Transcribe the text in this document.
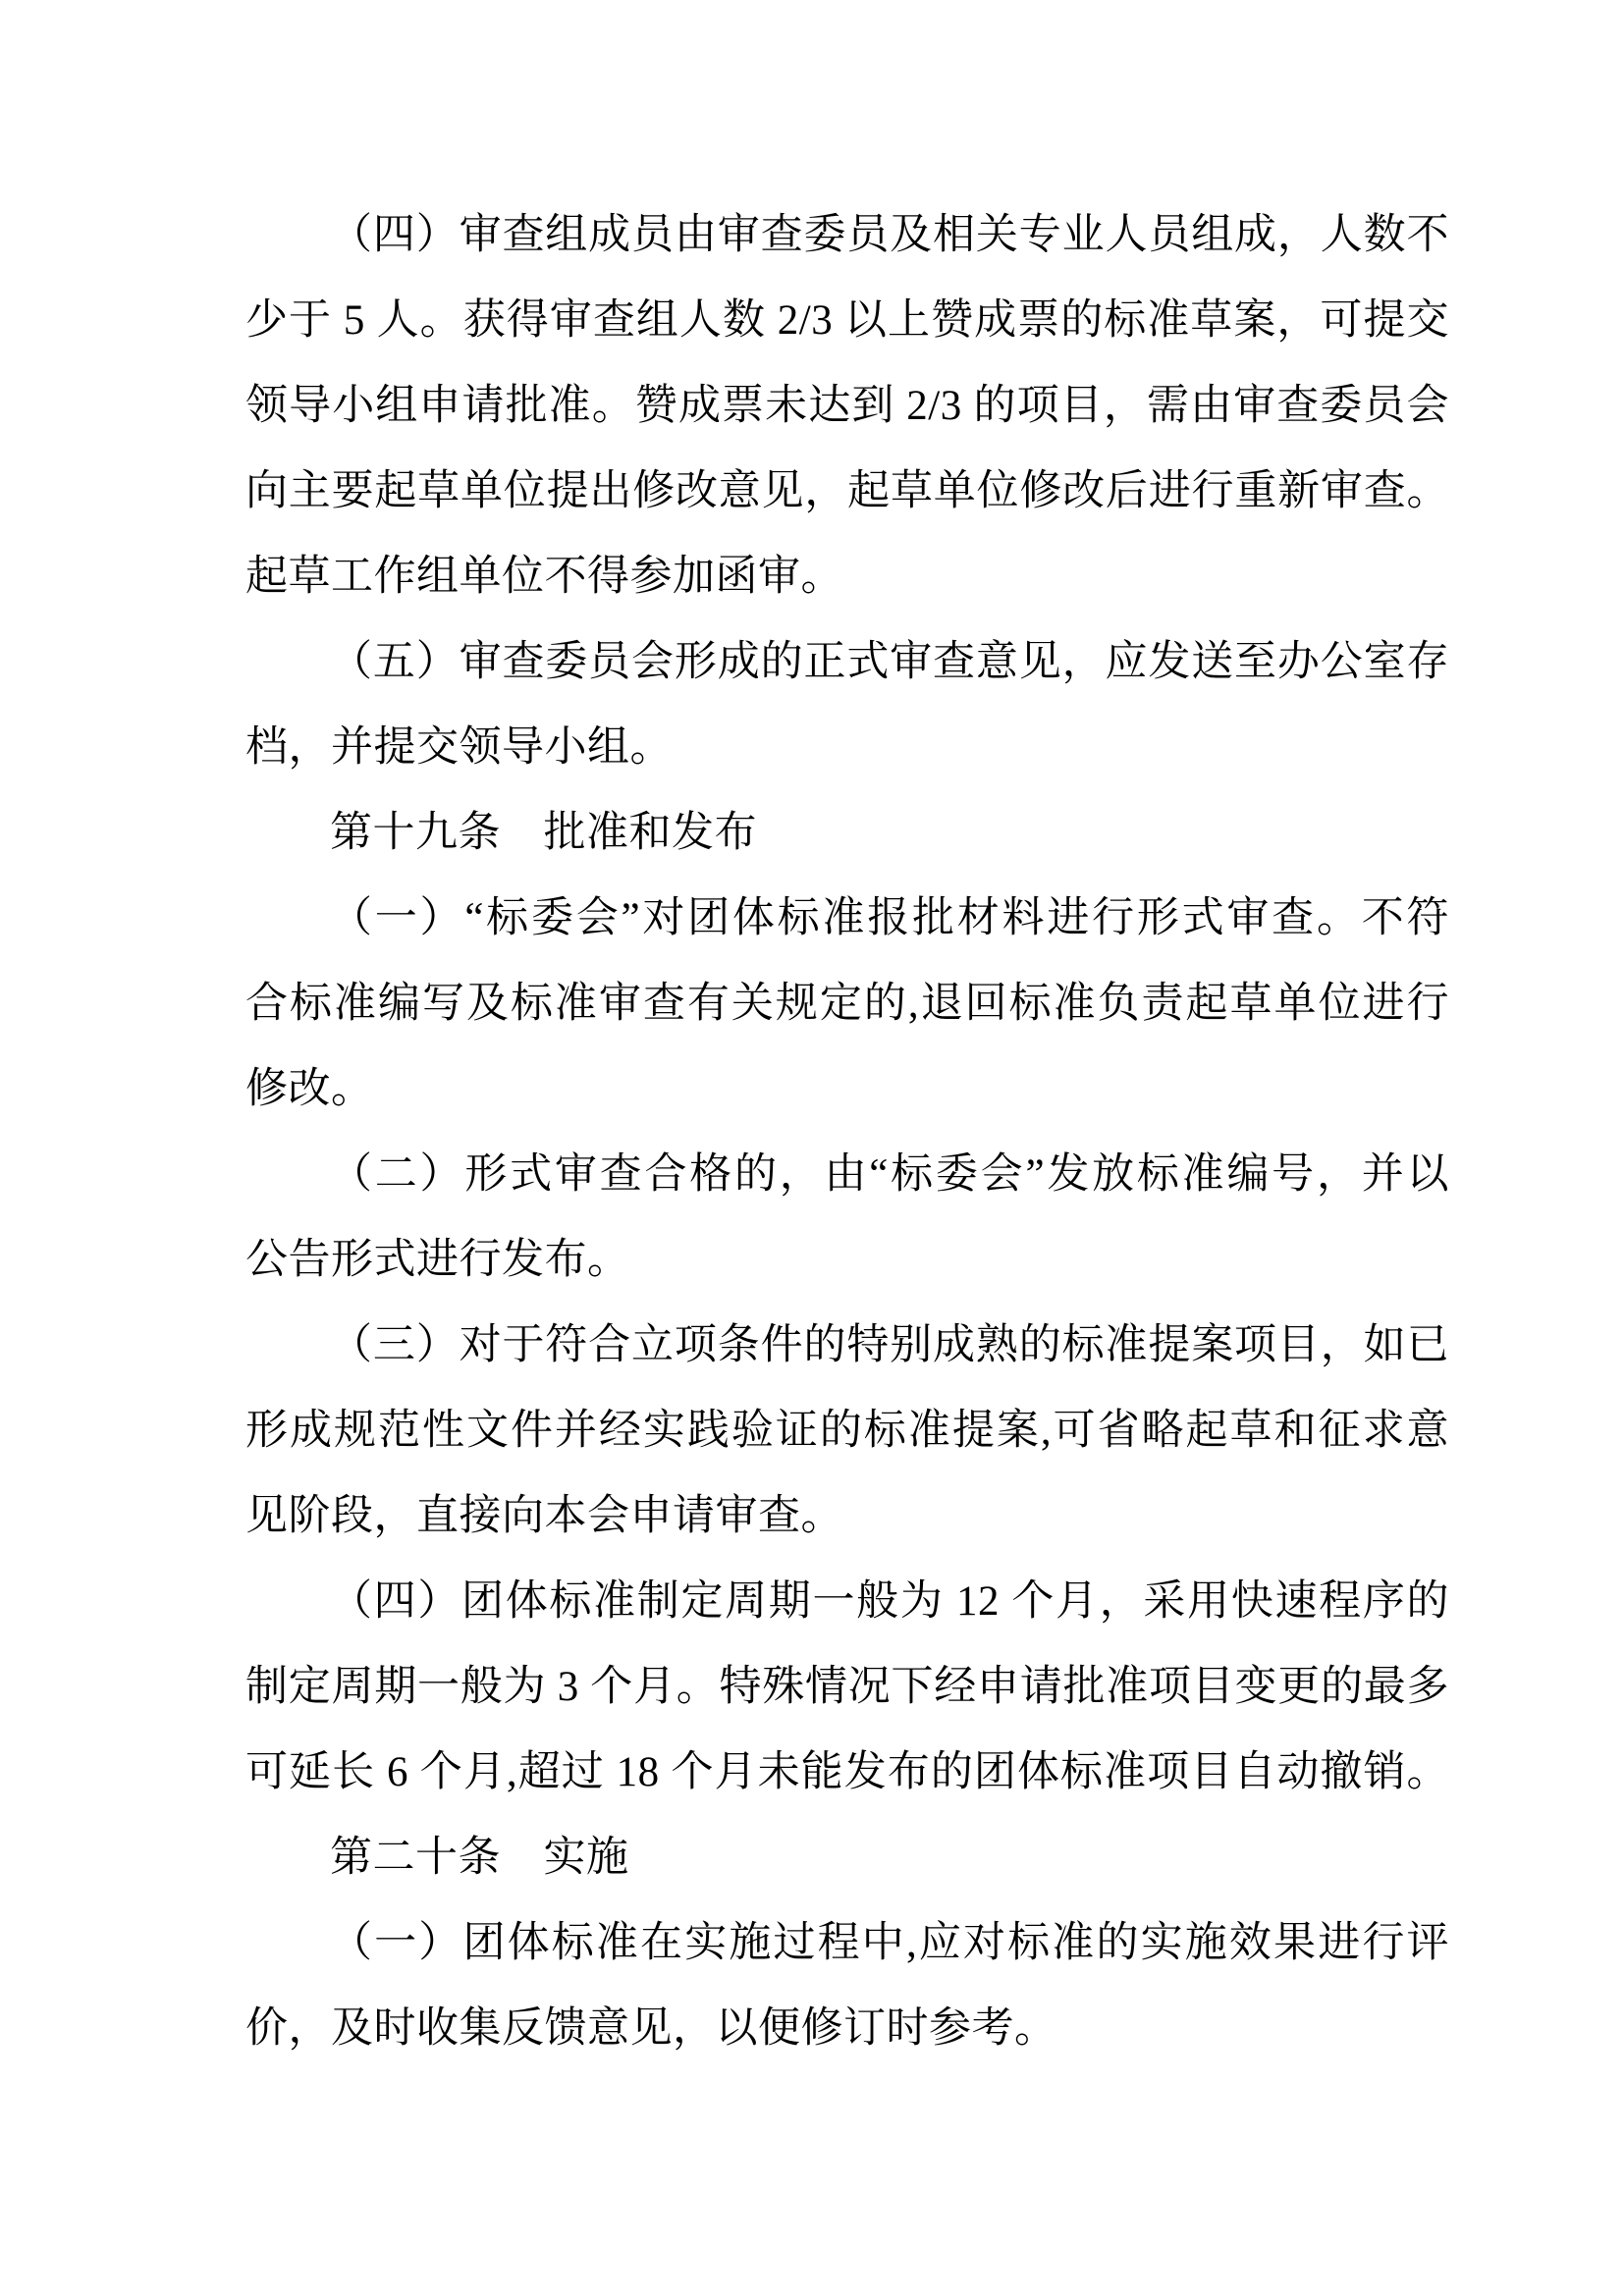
（四）审查组成员由审查委员及相关专业人员组成，人数不
少于 5 人。获得审查组人数 2/3 以上赞成票的标准草案，可提交
领导小组申请批准。赞成票未达到 2/3 的项目，需由审查委员会
向主要起草单位提出修改意见，起草单位修改后进行重新审查。
起草工作组单位不得参加函审。
（五）审查委员会形成的正式审查意见，应发送至办公室存
档，并提交领导小组。
第十九条　批准和发布
（一）“标委会”对团体标准报批材料进行形式审查。不符
合标准编写及标准审查有关规定的,退回标准负责起草单位进行
修改。
（二）形式审查合格的，由“标委会”发放标准编号，并以
公告形式进行发布。
（三）对于符合立项条件的特别成熟的标准提案项目，如已
形成规范性文件并经实践验证的标准提案,可省略起草和征求意
见阶段，直接向本会申请审查。
（四）团体标准制定周期一般为 12 个月，采用快速程序的
制定周期一般为 3 个月。特殊情况下经申请批准项目变更的最多
可延长 6 个月,超过 18 个月未能发布的团体标准项目自动撤销。
第二十条　实施
（一）团体标准在实施过程中,应对标准的实施效果进行评
价，及时收集反馈意见，以便修订时参考。
